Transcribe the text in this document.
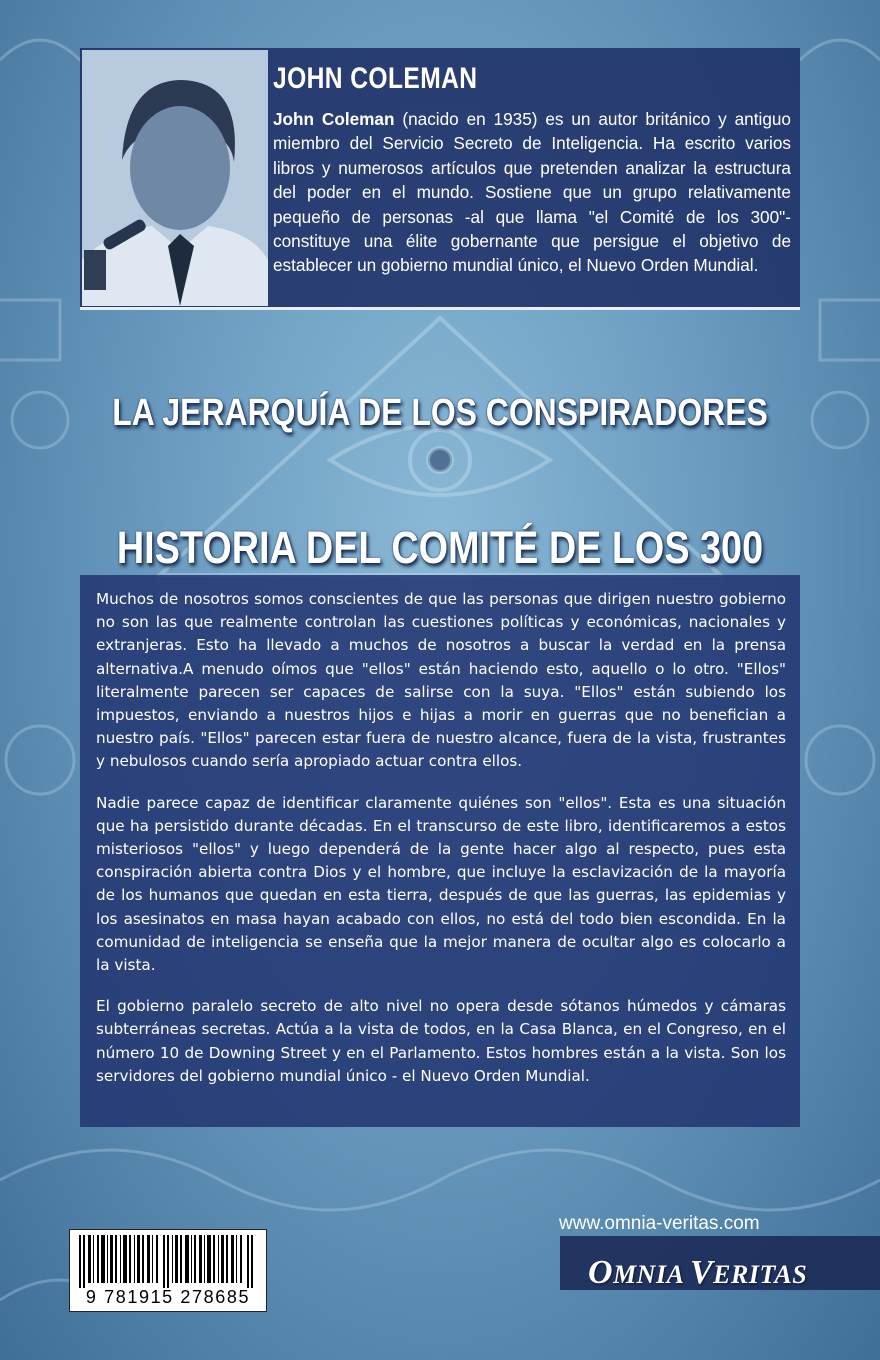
JOHN COLEMAN

John Coleman (nacido en 1935) es un autor británico y antiguo miembro del Servicio Secreto de Inteligencia. Ha escrito varios libros y numerosos artículos que pretenden analizar la estructura del poder en el mundo. Sostiene que un grupo relativamente pequeño de personas -al que llama "el Comité de los 300"- constituye una élite gobernante que persigue el objetivo de establecer un gobierno mundial único, el Nuevo Orden Mundial.

LA JERARQUÍA DE LOS CONSPIRADORES
HISTORIA DEL COMITÉ DE LOS 300

Muchos de nosotros somos conscientes de que las personas que dirigen nuestro gobierno no son las que realmente controlan las cuestiones políticas y económicas, nacionales y extranjeras. Esto ha llevado a muchos de nosotros a buscar la verdad en la prensa alternativa.A menudo oímos que "ellos" están haciendo esto, aquello o lo otro. "Ellos" literalmente parecen ser capaces de salirse con la suya. "Ellos" están subiendo los impuestos, enviando a nuestros hijos e hijas a morir en guerras que no benefician a nuestro país. "Ellos" parecen estar fuera de nuestro alcance, fuera de la vista, frustrantes y nebulosos cuando sería apropiado actuar contra ellos.

Nadie parece capaz de identificar claramente quiénes son "ellos". Esta es una situación que ha persistido durante décadas. En el transcurso de este libro, identificaremos a estos misteriosos "ellos" y luego dependerá de la gente hacer algo al respecto, pues esta conspiración abierta contra Dios y el hombre, que incluye la esclavización de la mayoría de los humanos que quedan en esta tierra, después de que las guerras, las epidemias y los asesinatos en masa hayan acabado con ellos, no está del todo bien escondida. En la comunidad de inteligencia se enseña que la mejor manera de ocultar algo es colocarlo a la vista.

El gobierno paralelo secreto de alto nivel no opera desde sótanos húmedos y cámaras subterráneas secretas. Actúa a la vista de todos, en la Casa Blanca, en el Congreso, en el número 10 de Downing Street y en el Parlamento. Estos hombres están a la vista. Son los servidores del gobierno mundial único - el Nuevo Orden Mundial.

www.omnia-veritas.com
OMNIA VERITAS
9 781915 278685
